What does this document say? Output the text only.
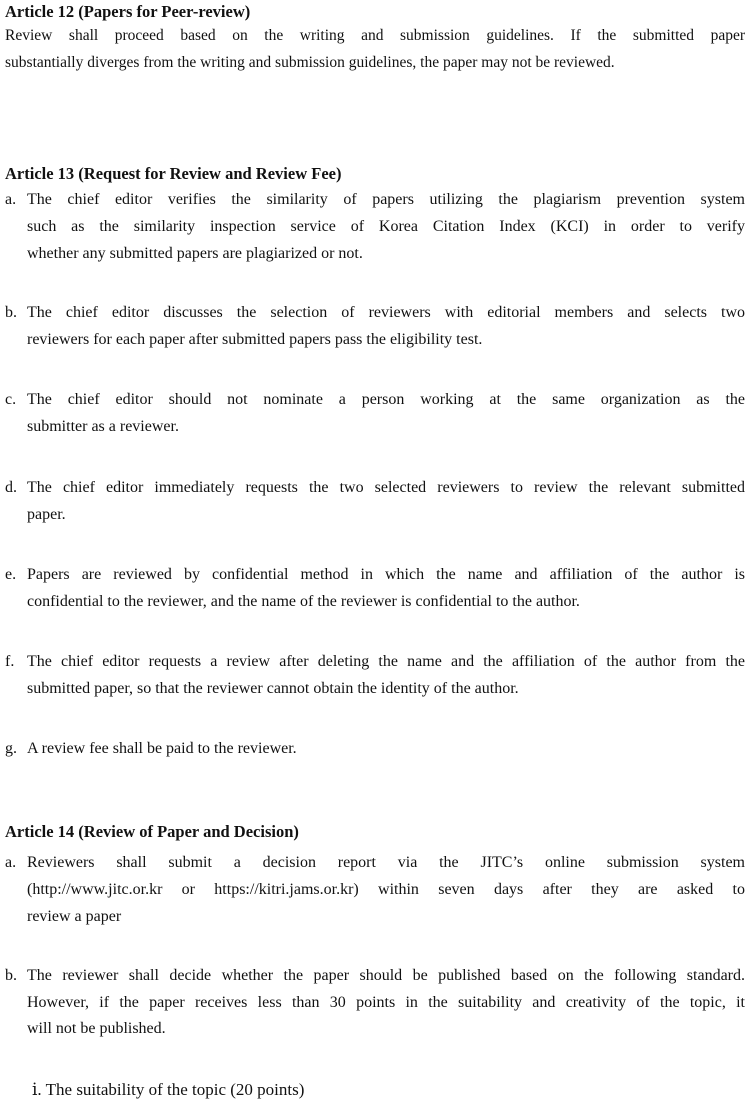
Article 12 (Papers for Peer-review)
Review shall proceed based on the writing and submission guidelines. If the submitted paper
substantially diverges from the writing and submission guidelines, the paper may not be reviewed.
Article 13 (Request for Review and Review Fee)
a. The chief editor verifies the similarity of papers utilizing the plagiarism prevention system
such as the similarity inspection service of Korea Citation Index (KCI) in order to verify
whether any submitted papers are plagiarized or not.
b. The chief editor discusses the selection of reviewers with editorial members and selects two
reviewers for each paper after submitted papers pass the eligibility test.
c. The chief editor should not nominate a person working at the same organization as the
submitter as a reviewer.
d. The chief editor immediately requests the two selected reviewers to review the relevant submitted
paper.
e. Papers are reviewed by confidential method in which the name and affiliation of the author is
confidential to the reviewer, and the name of the reviewer is confidential to the author.
f. The chief editor requests a review after deleting the name and the affiliation of the author from the
submitted paper, so that the reviewer cannot obtain the identity of the author.
g. A review fee shall be paid to the reviewer.
Article 14 (Review of Paper and Decision)
a. Reviewers shall submit a decision report via the JITC’s online submission system
(http://www.jitc.or.kr or https://kitri.jams.or.kr) within seven days after they are asked to
review a paper
b. The reviewer shall decide whether the paper should be published based on the following standard.
However, if the paper receives less than 30 points in the suitability and creativity of the topic, it
will not be published.
ⅰ. The suitability of the topic (20 points)
